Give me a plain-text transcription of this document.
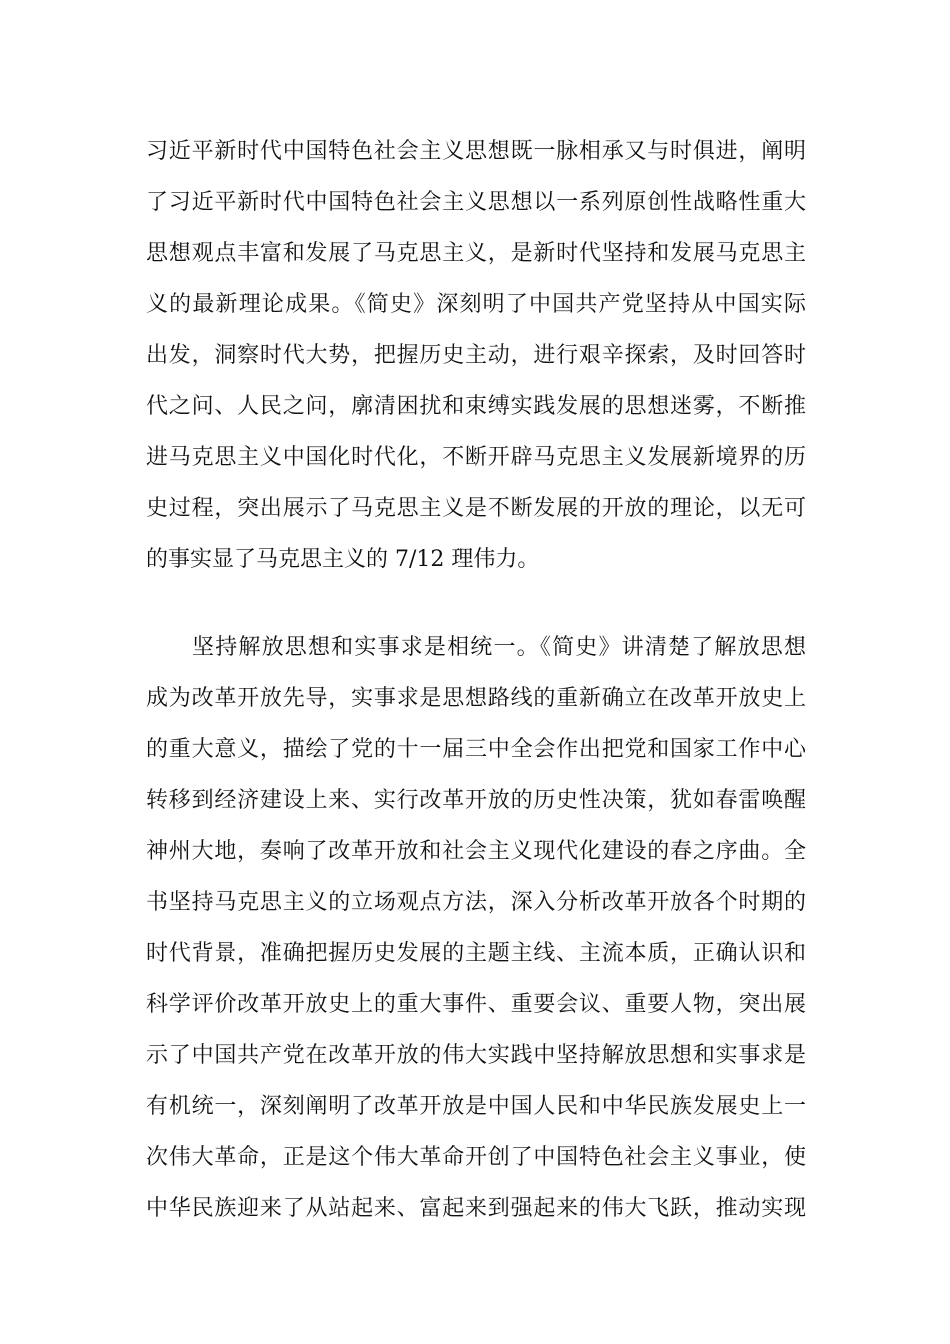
习近平新时代中国特色社会主义思想既一脉相承又与时俱进，阐明
了习近平新时代中国特色社会主义思想以一系列原创性战略性重大
思想观点丰富和发展了马克思主义，是新时代坚持和发展马克思主
义的最新理论成果。《简史》深刻明了中国共产党坚持从中国实际
出发，洞察时代大势，把握历史主动，进行艰辛探索，及时回答时
代之问、人民之问，廓清困扰和束缚实践发展的思想迷雾，不断推
进马克思主义中国化时代化，不断开辟马克思主义发展新境界的历
史过程，突出展示了马克思主义是不断发展的开放的理论，以无可
的事实显了马克思主义的 7/12 理伟力。
坚持解放思想和实事求是相统一。《简史》讲清楚了解放思想
成为改革开放先导，实事求是思想路线的重新确立在改革开放史上
的重大意义，描绘了党的十一届三中全会作出把党和国家工作中心
转移到经济建设上来、实行改革开放的历史性决策，犹如春雷唤醒
神州大地，奏响了改革开放和社会主义现代化建设的春之序曲。全
书坚持马克思主义的立场观点方法，深入分析改革开放各个时期的
时代背景，准确把握历史发展的主题主线、主流本质，正确认识和
科学评价改革开放史上的重大事件、重要会议、重要人物，突出展
示了中国共产党在改革开放的伟大实践中坚持解放思想和实事求是
有机统一，深刻阐明了改革开放是中国人民和中华民族发展史上一
次伟大革命，正是这个伟大革命开创了中国特色社会主义事业，使
中华民族迎来了从站起来、富起来到强起来的伟大飞跃，推动实现
